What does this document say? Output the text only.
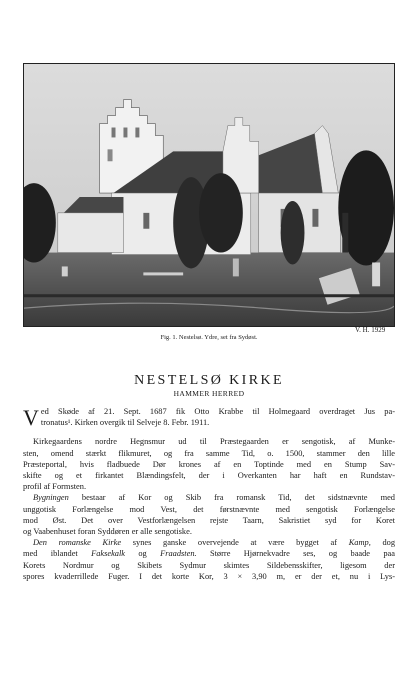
V. H. 1929
Fig. 1. Nestelsø. Ydre, set fra Sydøst.
NESTELSØ KIRKE
HAMMER HERRED
V ed Skøde af 21. Sept. 1687 fik Otto Krabbe til Holmegaard overdraget Jus pa-

tronatus¹. Kirken overgik til Selveje 8. Febr. 1911.

Kirkegaardens nordre Hegnsmur ud til Præstegaarden er sengotisk, af Munke-

sten, omend stærkt flikmuret, og fra samme Tid, o. 1500, stammer den lille

Præsteportal, hvis fladbuede Dør krones af en Toptinde med en Stump Sav-

skifte og et firkantet Blændingsfelt, der i Overkanten har haft en Rundstav-

profil af Formsten.

Bygningen bestaar af Kor og Skib fra romansk Tid, det sidstnævnte med

unggotisk Forlængelse mod Vest, det førstnævnte med sengotisk Forlængelse

mod Øst. Det over Vestforlængelsen rejste Taarn, Sakristiet syd for Koret

og Vaabenhuset foran Syddøren er alle sengotiske.

Den romanske Kirke synes ganske overvejende at være bygget af Kamp, dog

med iblandet Faksekalk og Fraadsten. Større Hjørnekvadre ses, og baade paa

Korets Nordmur og Skibets Sydmur skimtes Sildebensskifter, ligesom der

spores kvaderrillede Fuger. I det korte Kor, 3 × 3,90 m, er der et, nu i Lys-
